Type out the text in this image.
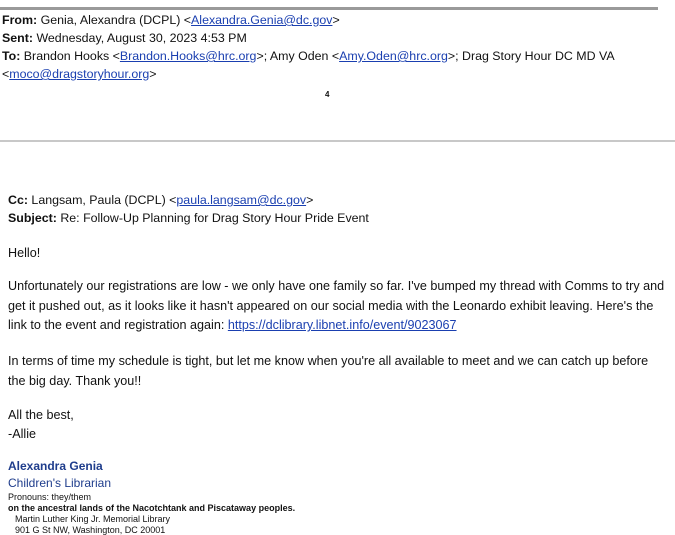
From: Genia, Alexandra (DCPL) <Alexandra.Genia@dc.gov>
Sent: Wednesday, August 30, 2023 4:53 PM
To: Brandon Hooks <Brandon.Hooks@hrc.org>; Amy Oden <Amy.Oden@hrc.org>; Drag Story Hour DC MD VA
<moco@dragstoryhour.org>
4
Cc: Langsam, Paula (DCPL) <paula.langsam@dc.gov>
Subject: Re: Follow-Up Planning for Drag Story Hour Pride Event
Hello!
Unfortunately our registrations are low - we only have one family so far. I've bumped my thread with Comms to try and get it pushed out, as it looks like it hasn't appeared on our social media with the Leonardo exhibit leaving. Here's the link to the event and registration again: https://dclibrary.libnet.info/event/9023067
In terms of time my schedule is tight, but let me know when you're all available to meet and we can catch up before the big day. Thank you!!
All the best,
-Allie
Alexandra Genia
Children's Librarian
Pronouns: they/them
on the ancestral lands of the Nacotchtank and Piscataway peoples.
Martin Luther King Jr. Memorial Library
901 G St NW, Washington, DC 20001
